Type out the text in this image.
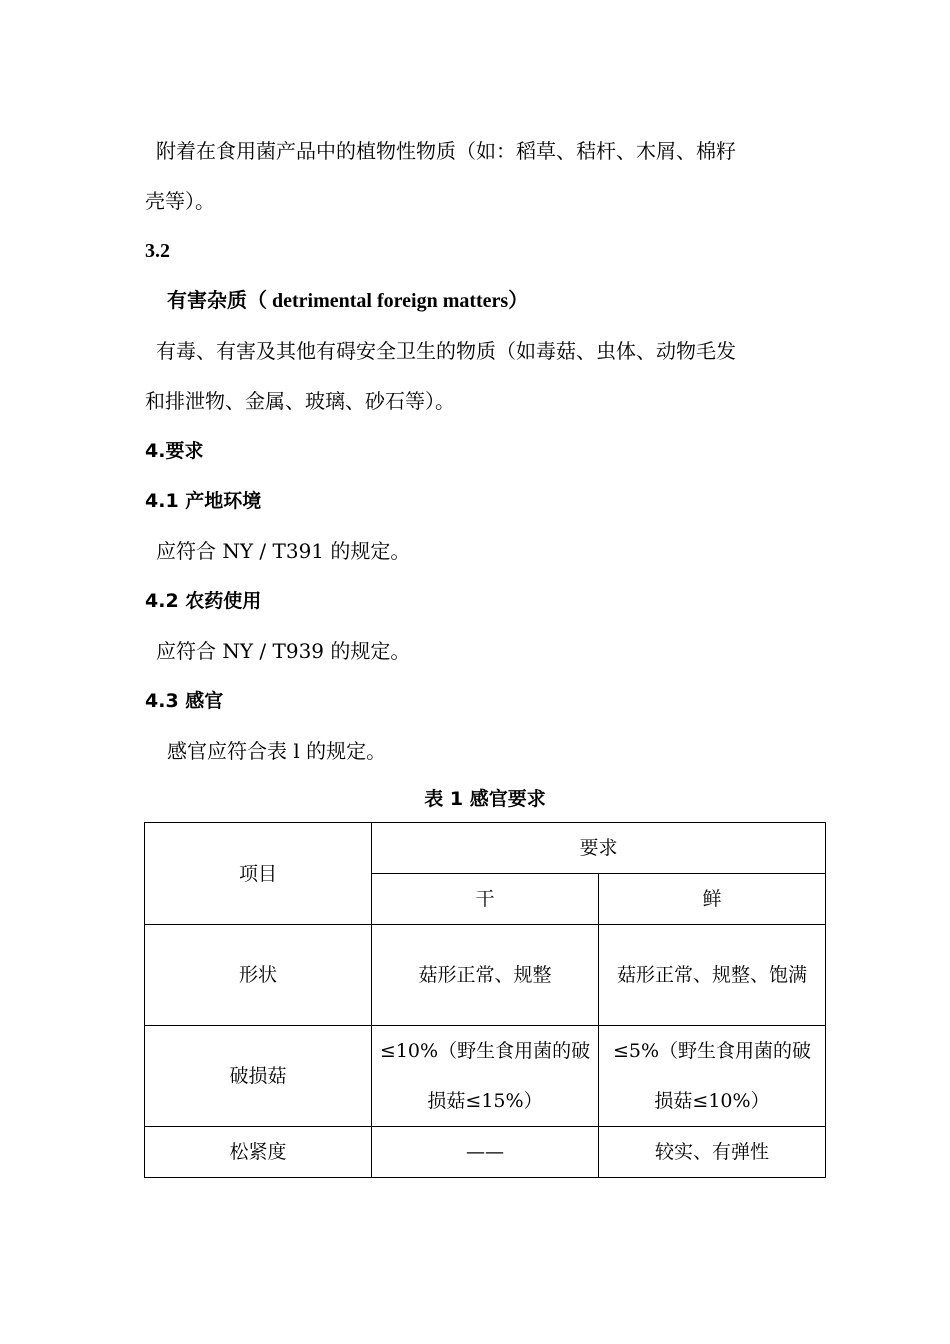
附着在食用菌产品中的植物性物质（如：稻草、秸杆、木屑、棉籽
壳等）。
3.2
有害杂质（ detrimental foreign matters）
有毒、有害及其他有碍安全卫生的物质（如毒菇、虫体、动物毛发
和排泄物、金属、玻璃、砂石等）。
4.要求
4.1 产地环境
应符合 NY / T391 的规定。
4.2 农药使用
应符合 NY / T939 的规定。
4.3 感官
感官应符合表 l 的规定。
表 1 感官要求
项目	要求	
	干	鲜
形状	菇形正常、规整	菇形正常、规整、饱满
破损菇	≤10%（野生食用菌的破损菇≤15%）	≤5%（野生食用菌的破损菇≤10%）
松紧度	——	较实、有弹性
